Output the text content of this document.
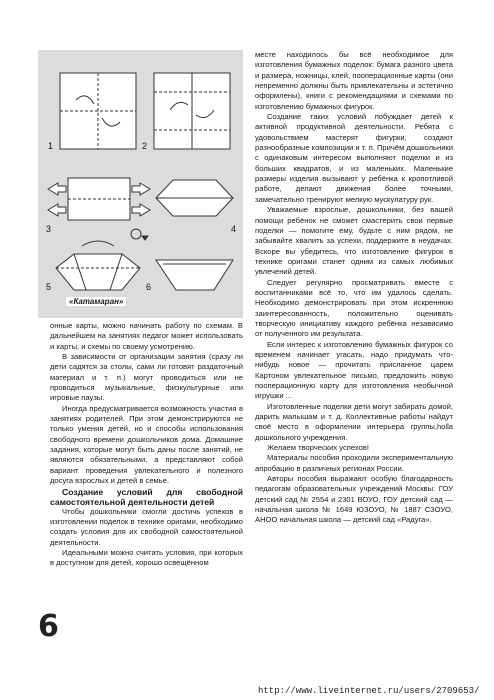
1	2
3	4
5	6
«Катамаран»

онные карты, можно начинать работу по схемам. В дальнейшем на занятиях педагог может использовать и карты, и схемы по своему усмотрению.

В зависимости от организации занятия (сразу ли дети садятся за столы, сами ли готовят раздаточный материал и т. п.) могут проводиться или не проводиться музыкальные, физкультурные или игровые паузы.

Иногда предусматривается возможность участия в занятиях родителей. При этом демонстрируются не только умения детей, но и способы использования свободного времени дошкольников дома. Домашние задания, которые могут быть даны после занятий, не являются обязательными, а представляют собой вариант проведения увлекательного и полезного досуга взрослых и детей в семье.

Создание условий для свободной самостоятельной деятельности детей

Чтобы дошкольники смогли достичь успехов в изготовлении поделок в технике оригами, необходимо создать условия для их свободной самостоятельной деятельности.

Идеальными можно считать условия, при которых в доступном для детей, хорошо освещённом

месте находилось бы всё необходимое для изготовления бумажных поделок: бумага разного цвета и размера, ножницы, клей, пооперационные карты (они непременно должны быть привлекательны и эстетично оформлены), книги с рекомендациями и схемами по изготовлению бумажных фигурок.

Создание таких условий побуждает детей к активной продуктивной деятельности. Ребята с удовольствием мастерят фигурки, создают разнообразные композиции и т. п. Причём дошкольники с одинаковым интересом выполняют поделки и из больших квадратов, и из маленьких. Маленькие размеры изделия вызывают у ребёнка к кропотливой работе, делают движения более точными, замечательно тренируют мелкую мускулатуру рук.

Уважаемые взрослые, дошкольники, без вашей помощи ребёнок не сможет смастерить свои первые поделки — помогите ему, будьте с ним рядом, не забывайте хвалить за успехи, поддержите в неудачах. Вскоре вы убедитесь, что изготовление фигурок в технике оригами станет одним из самых любимых увлечений детей.

Следует регулярно просматривать вместе с воспитанниками всё то, что им удалось сделать. Необходимо демонстрировать при этом искреннюю заинтересованность, положительно оценивать творческую инициативу каждого ребёнка независимо от полученного им результата.

Если интерес к изготовлению бумажных фигурок со временем начинает угасать, надо придумать что-нибудь новое — прочитать присланное царем Картоном увлекательное письмо, предложить новую пооперационную карту для изготовления необычной игрушки ...

Изготовленные поделки дети могут забирать домой, дарить малышам и т. д. Коллективные работы найдут своё место в оформлении интерьера группы,holla дошкольного учреждения.

Желаем творческих успехов!

Материалы пособия проходили экспериментальную апробацию в различных регионах России.

Авторы пособия выражают особую благодарность педагогам образовательных учреждений Москвы: ГОУ детский сад № 2554 и 2301 ВОУО, ГОУ детский сад — начальная школа № 1649 ЮЗОУО, № 1887 СЗОУО, АНОО начальная школа — детский сад «Радуга».

6
http://www.liveinternet.ru/users/2709653/
